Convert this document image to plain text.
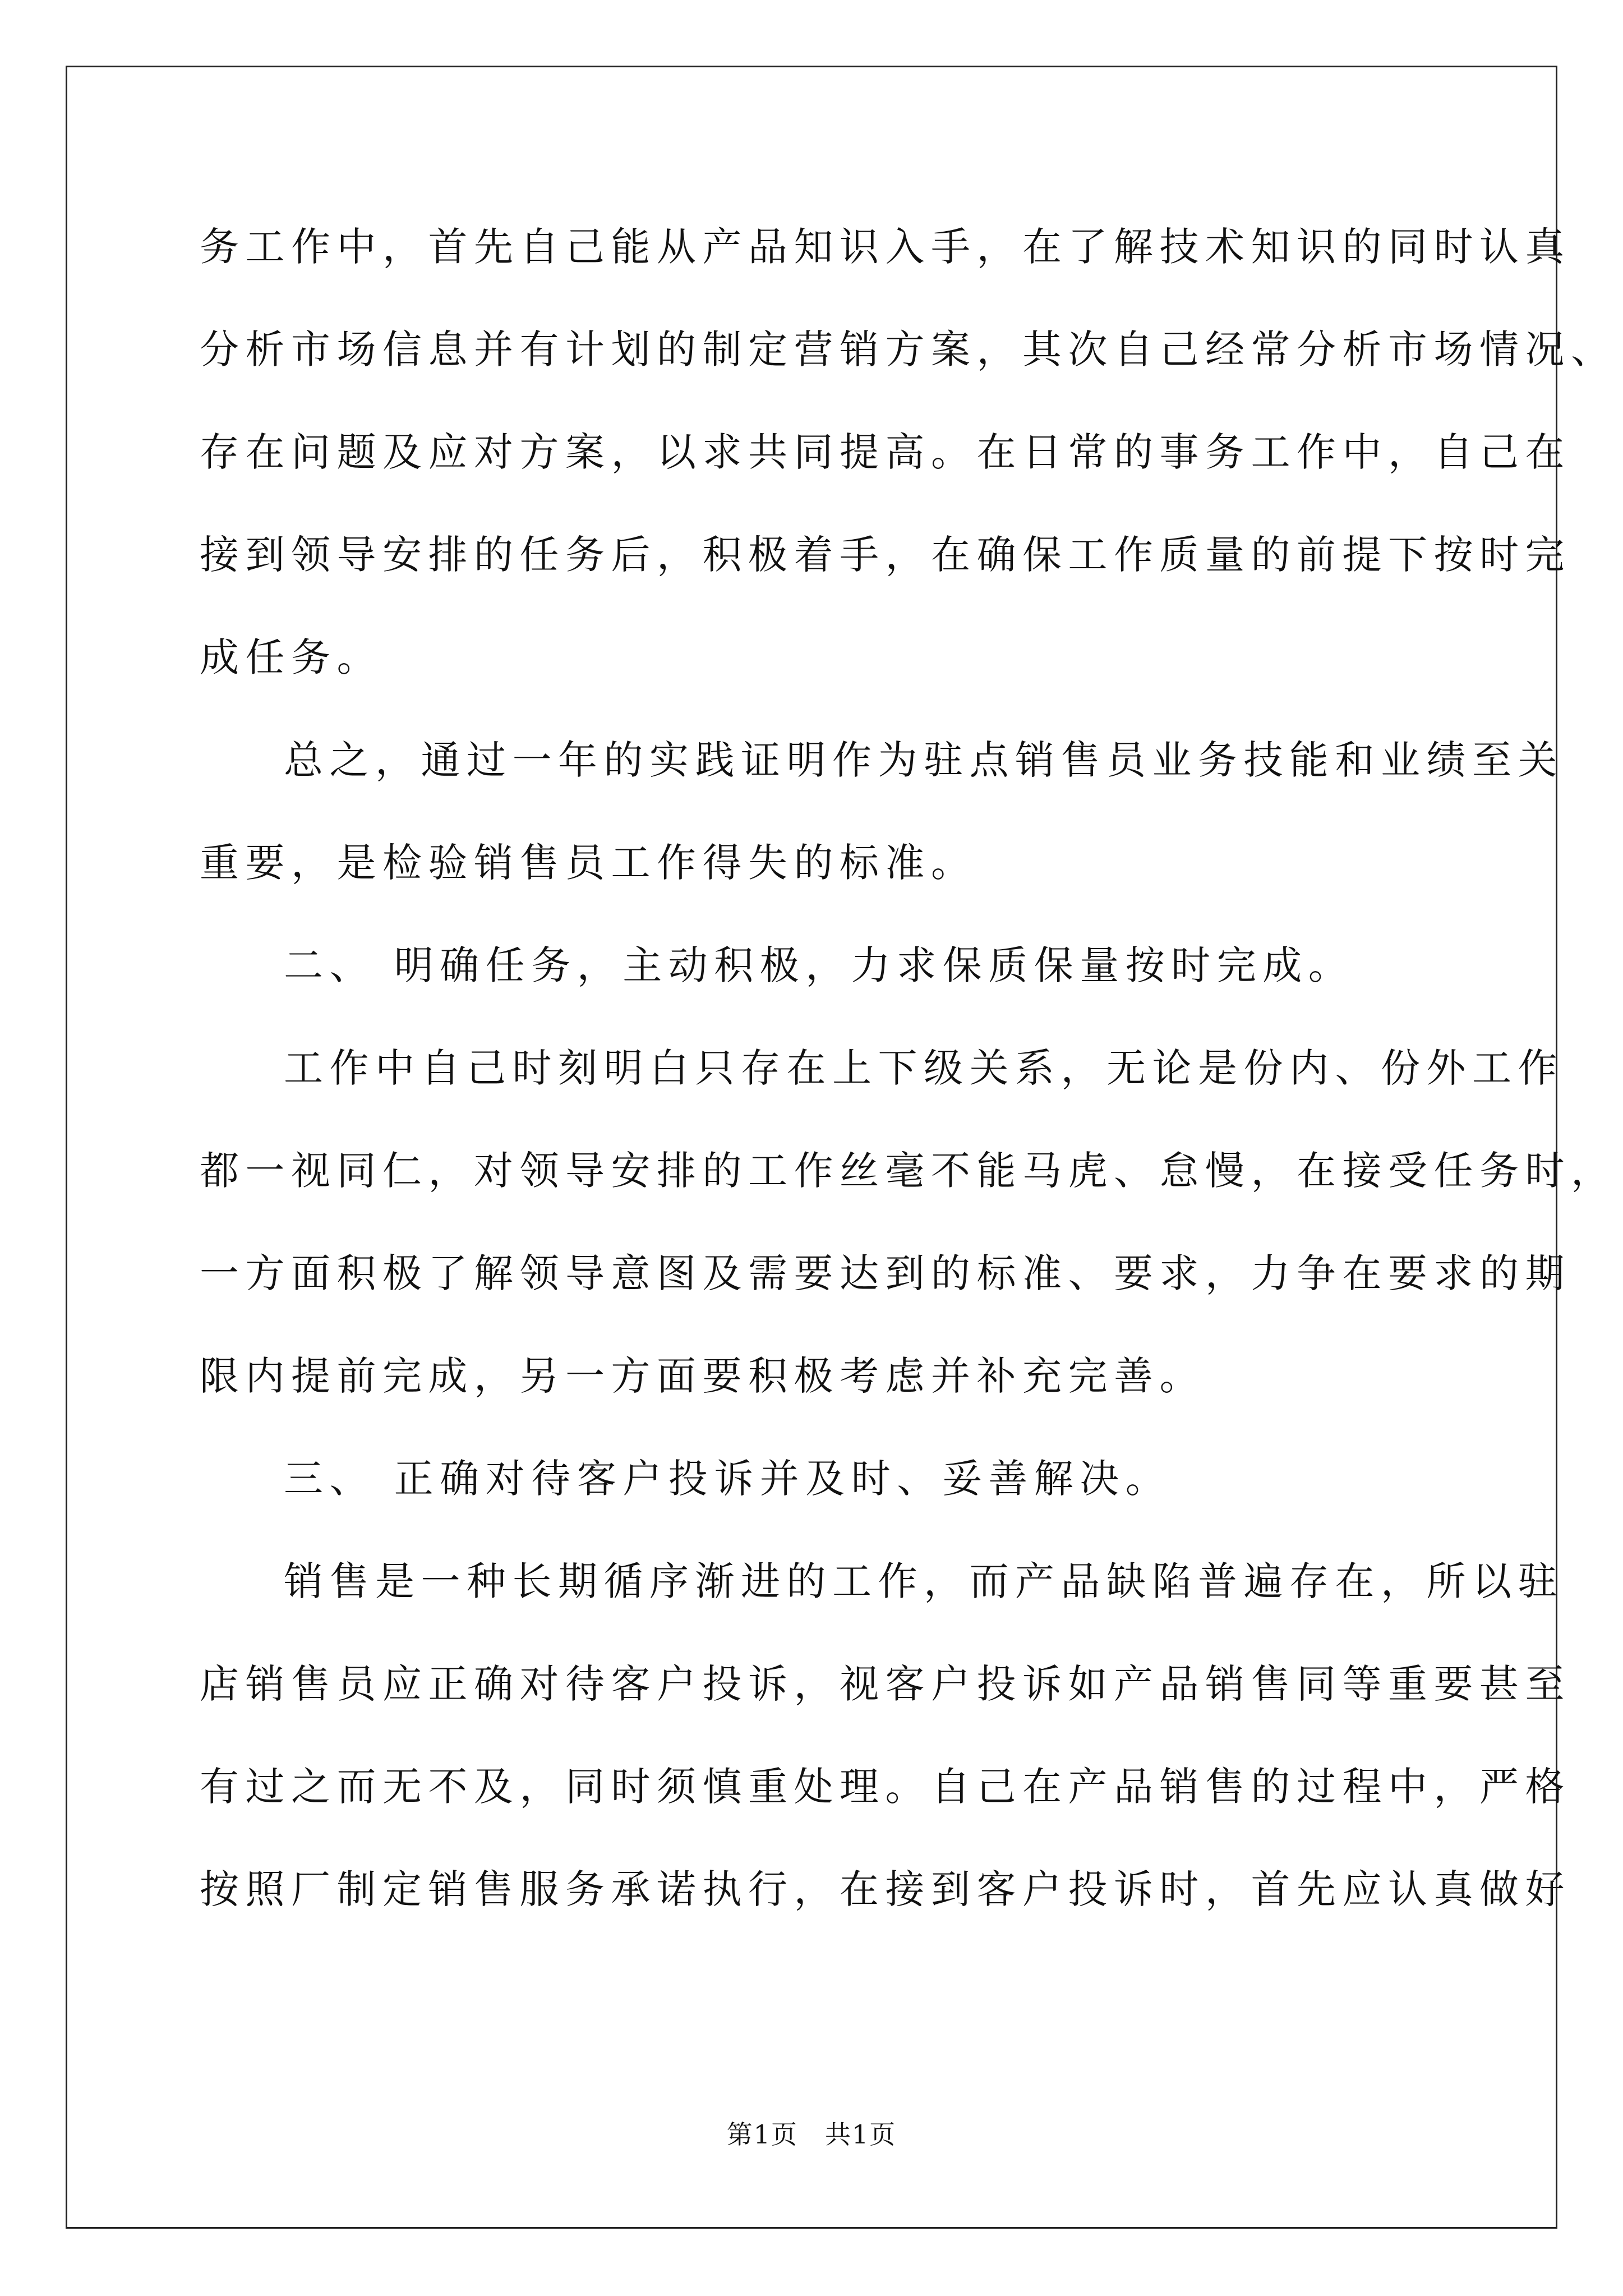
务工作中，首先自己能从产品知识入手，在了解技术知识的同时认真
分析市场信息并有计划的制定营销方案，其次自己经常分析市场情况、
存在问题及应对方案，以求共同提高。在日常的事务工作中，自己在
接到领导安排的任务后，积极着手，在确保工作质量的前提下按时完
成任务。
总之，通过一年的实践证明作为驻点销售员业务技能和业绩至关
重要，是检验销售员工作得失的标准。
二、 明确任务，主动积极，力求保质保量按时完成。
工作中自己时刻明白只存在上下级关系，无论是份内、份外工作
都一视同仁，对领导安排的工作丝毫不能马虎、怠慢，在接受任务时，
一方面积极了解领导意图及需要达到的标准、要求，力争在要求的期
限内提前完成，另一方面要积极考虑并补充完善。
三、 正确对待客户投诉并及时、妥善解决。
销售是一种长期循序渐进的工作，而产品缺陷普遍存在，所以驻
店销售员应正确对待客户投诉，视客户投诉如产品销售同等重要甚至
有过之而无不及，同时须慎重处理。自己在产品销售的过程中，严格
按照厂制定销售服务承诺执行，在接到客户投诉时，首先应认真做好
第1页　共1页
